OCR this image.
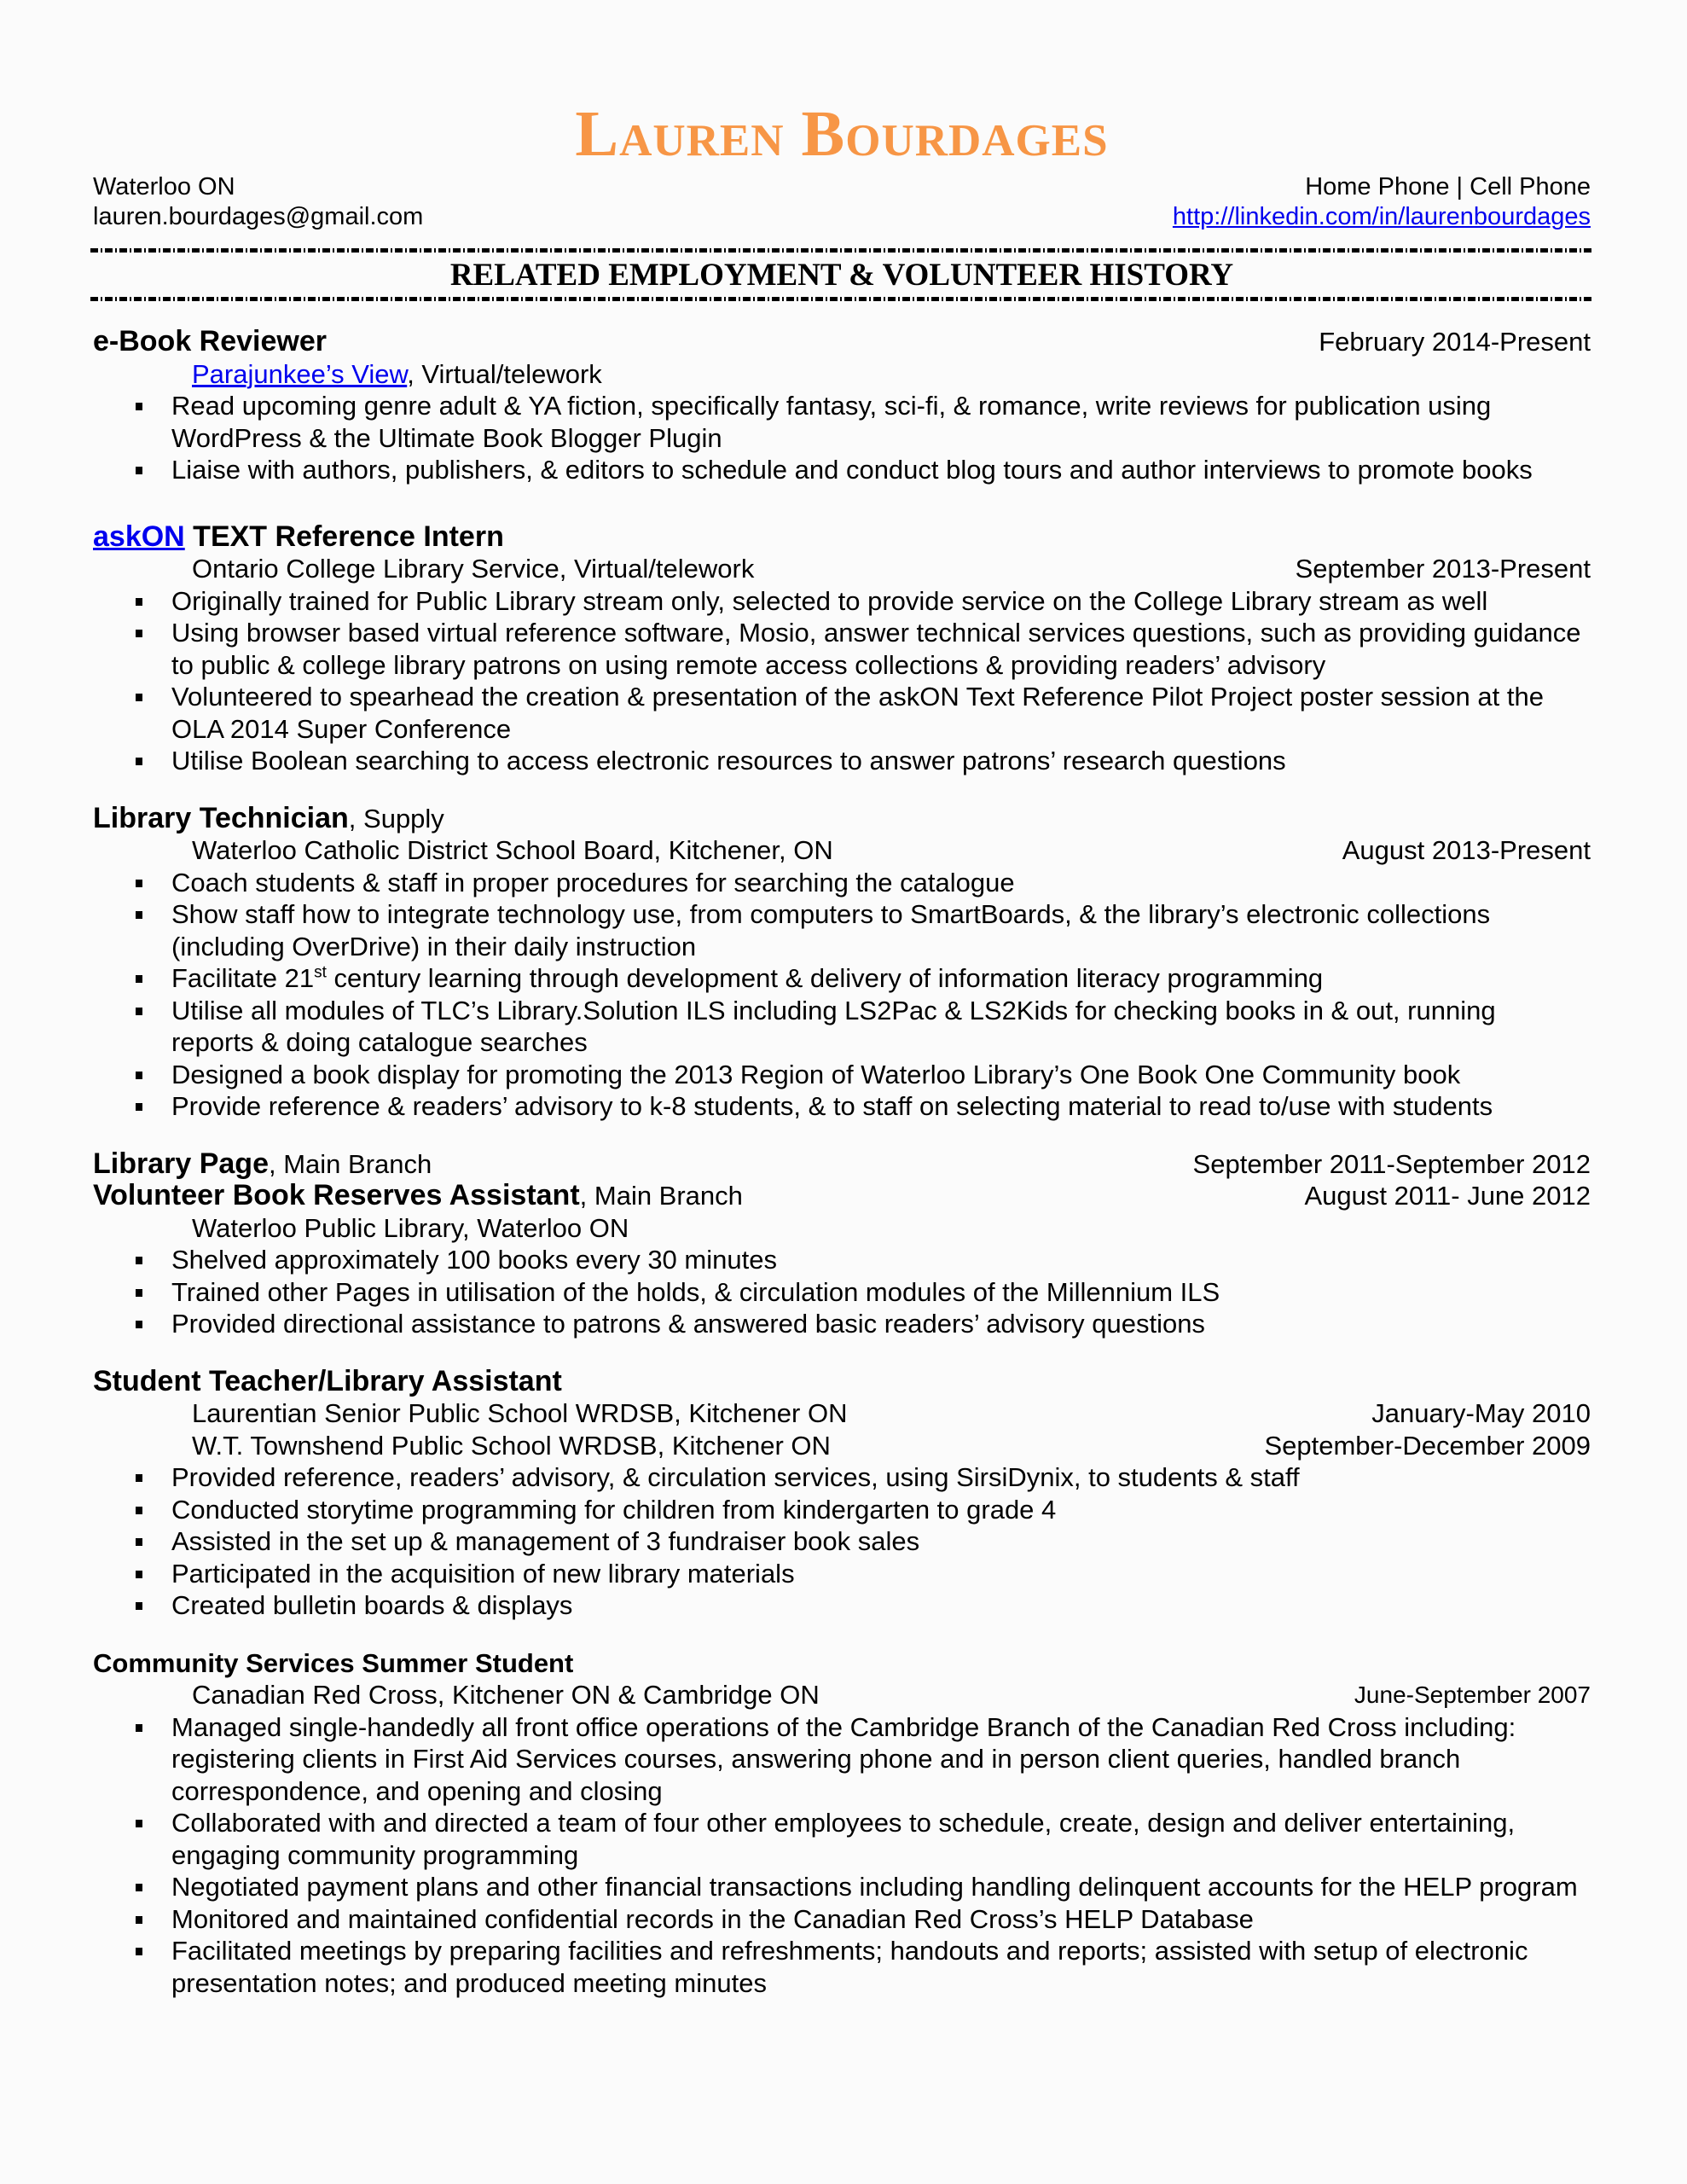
Lauren Bourdages
Waterloo ON
lauren.bourdages@gmail.com
Home Phone | Cell Phone
http://linkedin.com/in/laurenbourdages
RELATED EMPLOYMENT & VOLUNTEER HISTORY
e-Book Reviewer	February 2014-Present
Parajunkee’s View, Virtual/telework
Read upcoming genre adult & YA fiction, specifically fantasy, sci-fi, & romance, write reviews for publication using WordPress & the Ultimate Book Blogger Plugin
Liaise with authors, publishers, & editors to schedule and conduct blog tours and author interviews to promote books
askON TEXT Reference Intern
Ontario College Library Service, Virtual/telework	September 2013-Present
Originally trained for Public Library stream only, selected to provide service on the College Library stream as well
Using browser based virtual reference software, Mosio, answer technical services questions, such as providing guidance to public & college library patrons on using remote access collections & providing readers’ advisory
Volunteered to spearhead the creation & presentation of the askON Text Reference Pilot Project poster session at the OLA 2014 Super Conference
Utilise Boolean searching to access electronic resources to answer patrons’ research questions
Library Technician, Supply
Waterloo Catholic District School Board, Kitchener, ON	August 2013-Present
Coach students & staff in proper procedures for searching the catalogue
Show staff how to integrate technology use, from computers to SmartBoards, & the library’s electronic collections (including OverDrive) in their daily instruction
Facilitate 21st century learning through development & delivery of information literacy programming
Utilise all modules of TLC’s Library.Solution ILS including LS2Pac & LS2Kids for checking books in & out, running reports & doing catalogue searches
Designed a book display for promoting the 2013 Region of Waterloo Library’s One Book One Community book
Provide reference & readers’ advisory to k-8 students, & to staff on selecting material to read to/use with students
Library Page, Main Branch	September 2011-September 2012
Volunteer Book Reserves Assistant, Main Branch	August 2011- June 2012
Waterloo Public Library, Waterloo ON
Shelved approximately 100 books every 30 minutes
Trained other Pages in utilisation of the holds, & circulation modules of the Millennium ILS
Provided directional assistance to patrons & answered basic readers’ advisory questions
Student Teacher/Library Assistant
Laurentian Senior Public School WRDSB, Kitchener ON	January-May 2010
W.T. Townshend Public School WRDSB, Kitchener ON	September-December 2009
Provided reference, readers’ advisory, & circulation services, using SirsiDynix, to students & staff
Conducted storytime programming for children from kindergarten to grade 4
Assisted in the set up & management of 3 fundraiser book sales
Participated in the acquisition of new library materials
Created bulletin boards & displays
Community Services Summer Student
Canadian Red Cross, Kitchener ON & Cambridge ON	June-September 2007
Managed single-handedly all front office operations of the Cambridge Branch of the Canadian Red Cross including: registering clients in First Aid Services courses, answering phone and in person client queries, handled branch correspondence, and opening and closing
Collaborated with and directed a team of four other employees to schedule, create, design and deliver entertaining, engaging community programming
Negotiated payment plans and other financial transactions including handling delinquent accounts for the HELP program
Monitored and maintained confidential records in the Canadian Red Cross’s HELP Database
Facilitated meetings by preparing facilities and refreshments; handouts and reports; assisted with setup of electronic presentation notes; and produced meeting minutes
